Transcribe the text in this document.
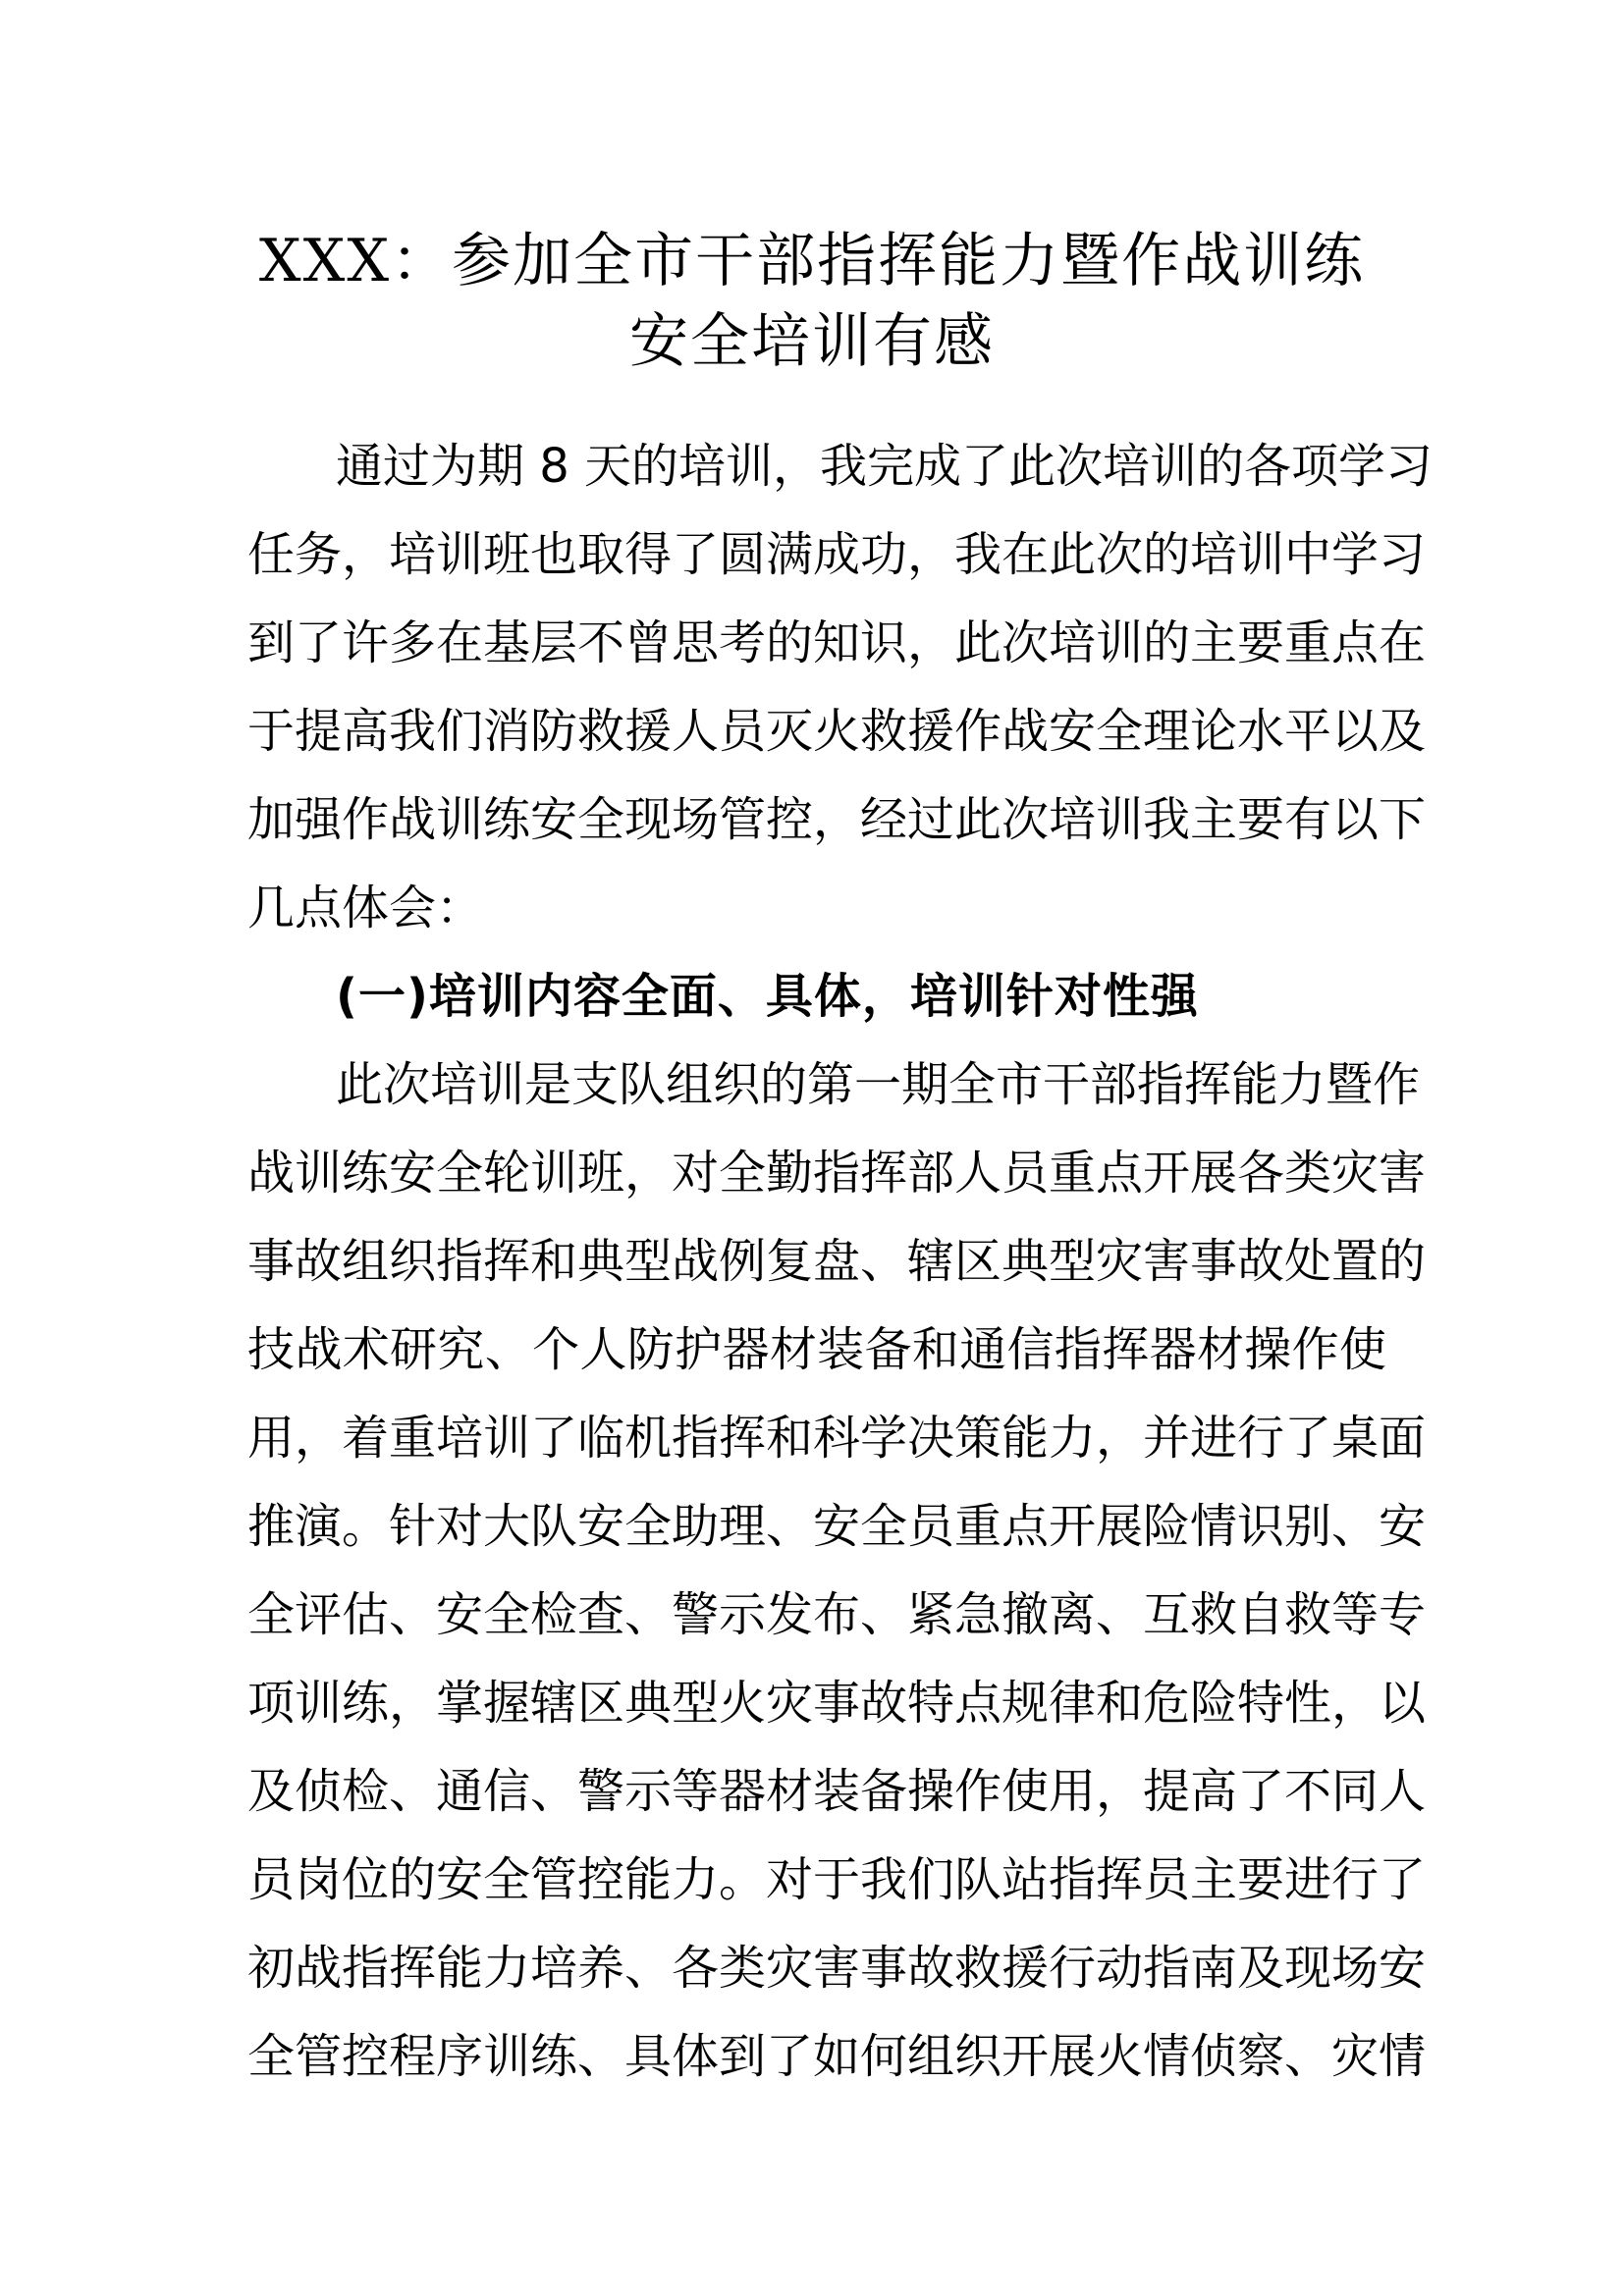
XXX：参加全市干部指挥能力暨作战训练
安全培训有感
通过为期 8 天的培训，我完成了此次培训的各项学习
任务，培训班也取得了圆满成功，我在此次的培训中学习
到了许多在基层不曾思考的知识，此次培训的主要重点在
于提高我们消防救援人员灭火救援作战安全理论水平以及
加强作战训练安全现场管控，经过此次培训我主要有以下
几点体会：
(一)培训内容全面、具体，培训针对性强
此次培训是支队组织的第一期全市干部指挥能力暨作
战训练安全轮训班，对全勤指挥部人员重点开展各类灾害
事故组织指挥和典型战例复盘、辖区典型灾害事故处置的
技战术研究、个人防护器材装备和通信指挥器材操作使
用，着重培训了临机指挥和科学决策能力，并进行了桌面
推演。针对大队安全助理、安全员重点开展险情识别、安
全评估、安全检查、警示发布、紧急撤离、互救自救等专
项训练，掌握辖区典型火灾事故特点规律和危险特性，以
及侦检、通信、警示等器材装备操作使用，提高了不同人
员岗位的安全管控能力。对于我们队站指挥员主要进行了
初战指挥能力培养、各类灾害事故救援行动指南及现场安
全管控程序训练、具体到了如何组织开展火情侦察、灾情
